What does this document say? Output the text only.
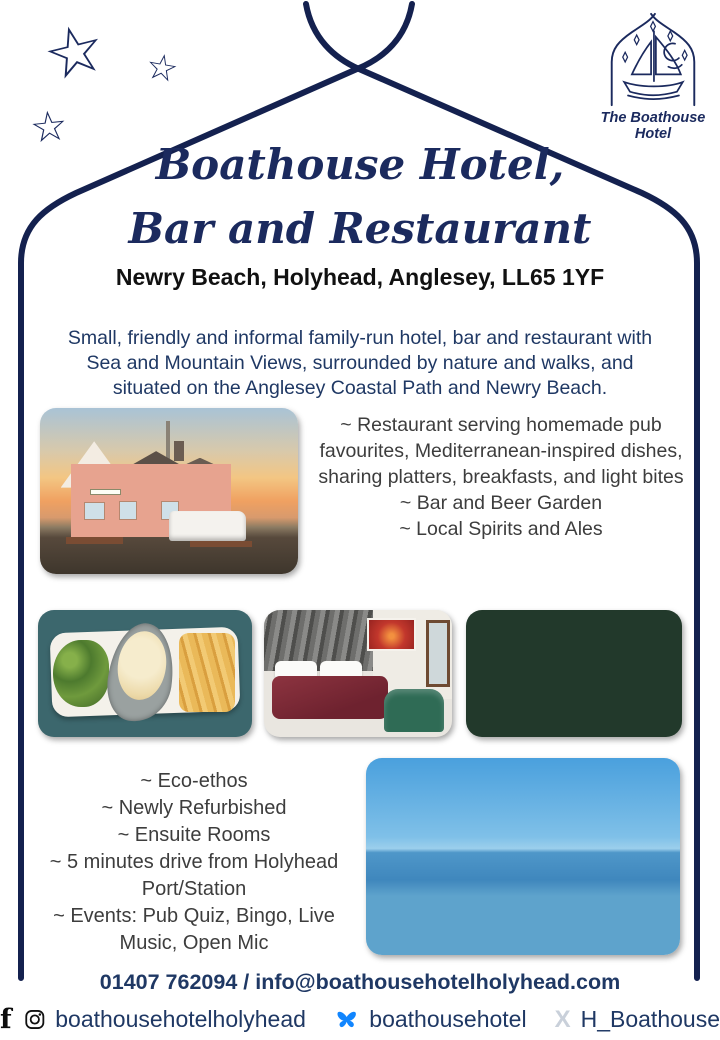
☆ ☆
☆	The Boathouse Hotel
Boathouse Hotel,
Bar and Restaurant
Newry Beach, Holyhead, Anglesey, LL65 1YF

Small, friendly and informal family-run hotel, bar and restaurant with Sea and Mountain Views, surrounded by nature and walks, and situated on the Anglesey Coastal Path and Newry Beach.

~ Restaurant serving homemade pub favourites, Mediterranean-inspired dishes, sharing platters, breakfasts, and light bites
~ Bar and Beer Garden
~ Local Spirits and Ales
~ Eco-ethos
~ Newly Refurbished
~ Ensuite Rooms
~ 5 minutes drive from Holyhead Port/Station
~ Events: Pub Quiz, Bingo, Live Music, Open Mic
01407 762094 / info@boathousehotelholyhead.com
f boathousehotelholyhead	boathousehotel X H_Boathouse
